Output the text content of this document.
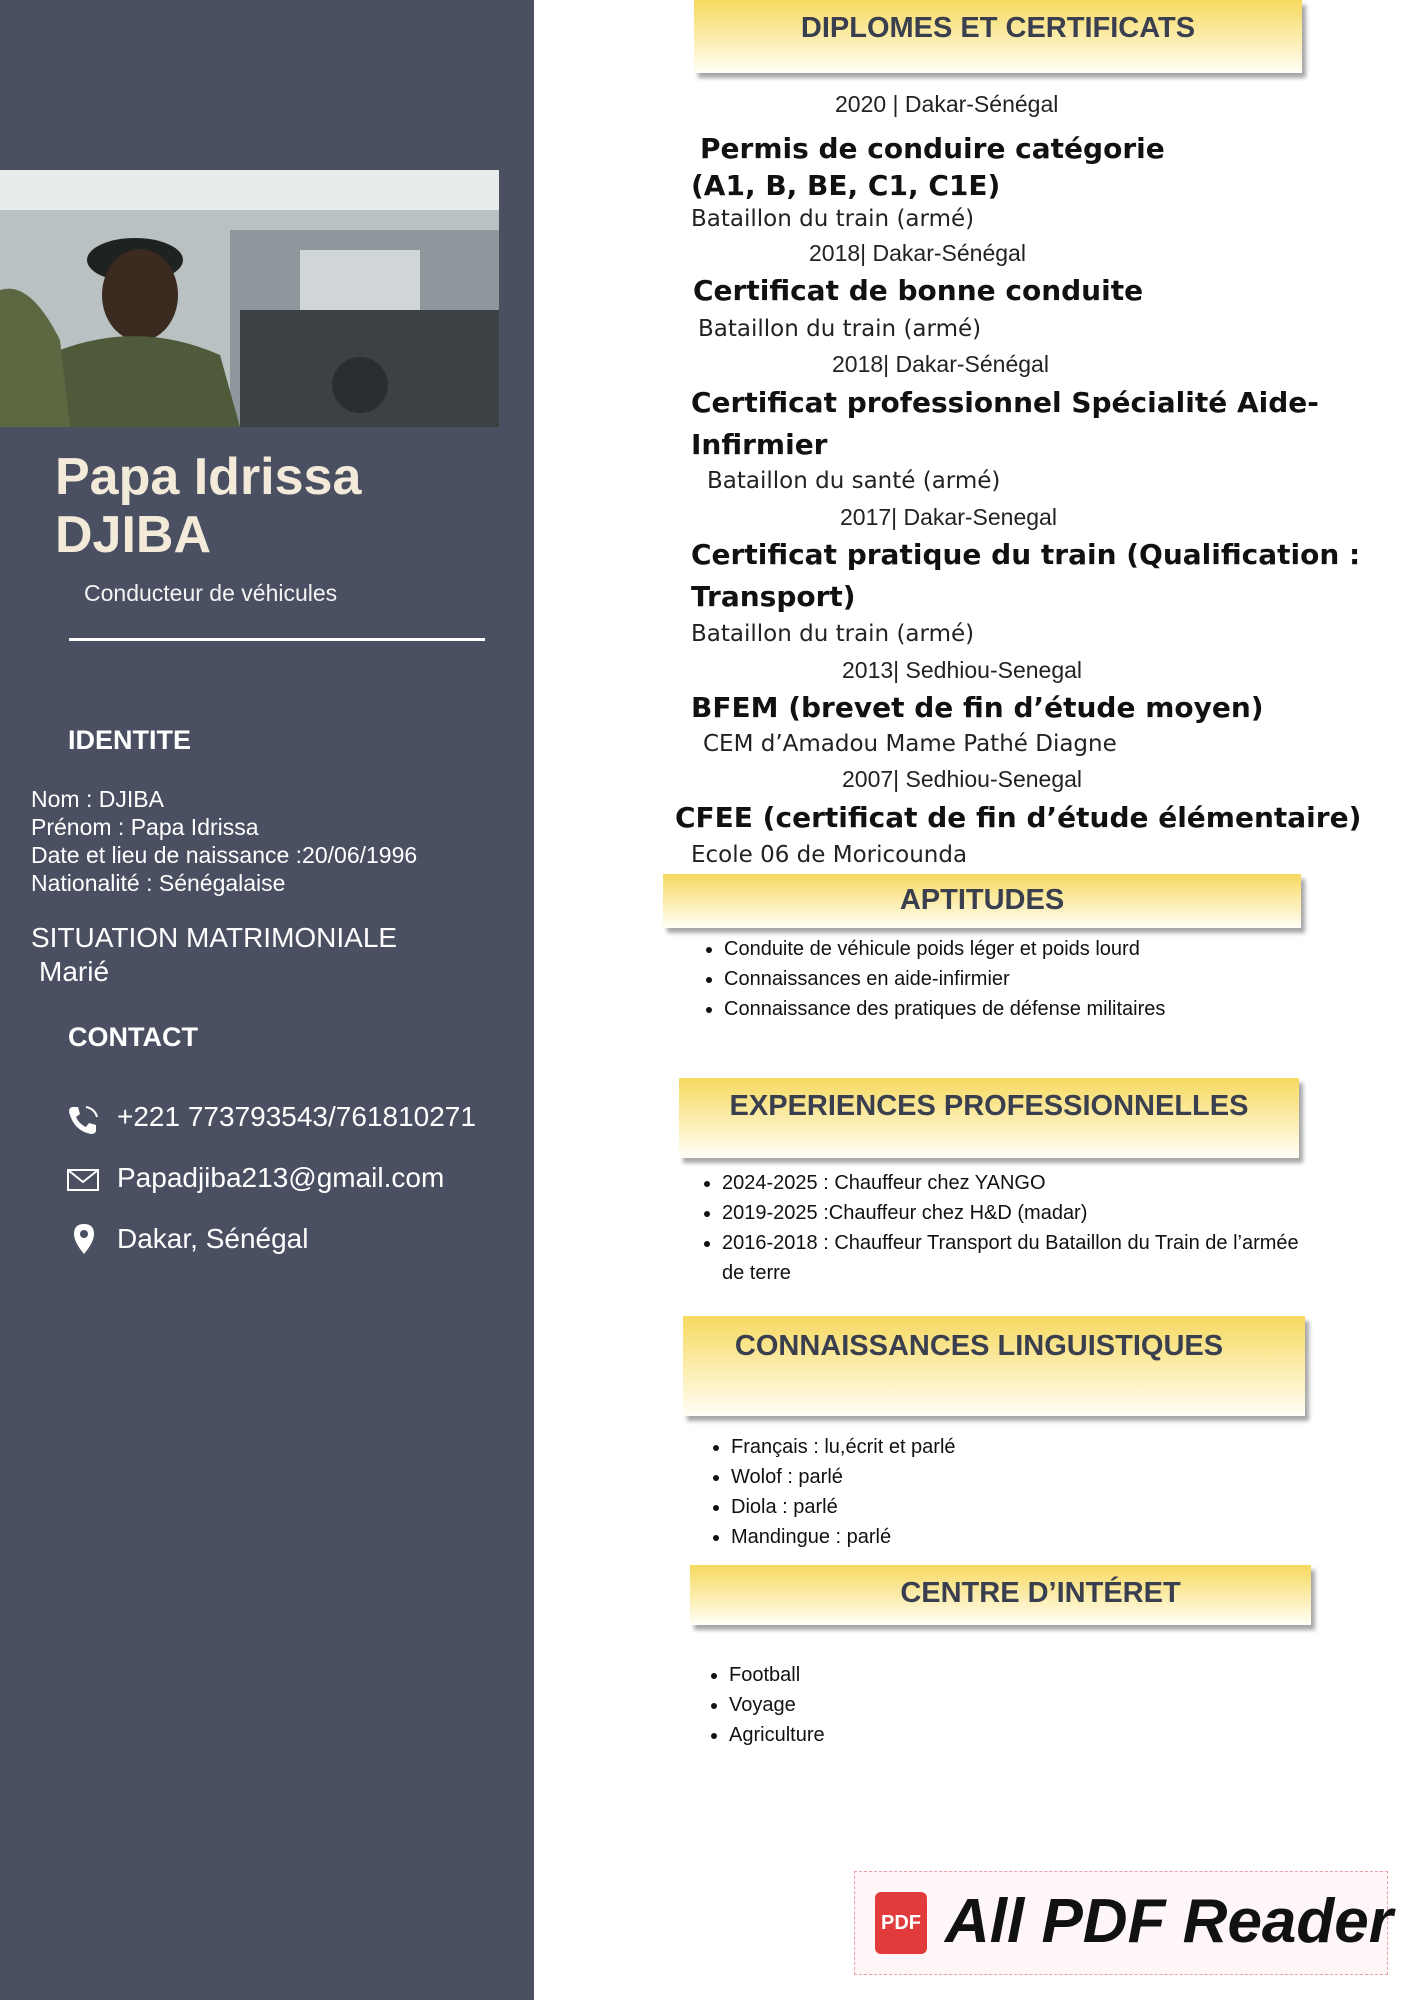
Papa Idrissa
DJIBA
Conducteur de véhicules
IDENTITE
Nom : DJIBA
Prénom : Papa Idrissa
Date et lieu de naissance :20/06/1996
Nationalité : Sénégalaise
SITUATION MATRIMONIALE
Marié
CONTACT
+221 773793543/761810271
Papadjiba213@gmail.com
Dakar, Sénégal
DIPLOMES ET CERTIFICATS
2020 | Dakar-Sénégal
Permis de conduire catégorie
(A1, B, BE, C1, C1E)
Bataillon du train (armé)
2018| Dakar-Sénégal
Certificat de bonne conduite
Bataillon du train (armé)
2018| Dakar-Sénégal
Certificat professionnel Spécialité Aide-
Infirmier
Bataillon du santé (armé)
2017| Dakar-Senegal
Certificat pratique du train (Qualification :
Transport)
Bataillon du train (armé)
2013| Sedhiou-Senegal
BFEM (brevet de fin d’étude moyen)
CEM d’Amadou Mame Pathé Diagne
2007| Sedhiou-Senegal
CFEE (certificat de fin d’étude élémentaire)
Ecole 06 de Moricounda
APTITUDES
• Conduite de véhicule poids léger et poids lourd
• Connaissances en aide-infirmier
• Connaissance des pratiques de défense militaires
EXPERIENCES PROFESSIONNELLES
• 2024-2025 : Chauffeur chez YANGO
• 2019-2025 :Chauffeur chez H&D (madar)
• 2016-2018 : Chauffeur Transport du Bataillon du Train de l’armée de terre
CONNAISSANCES LINGUISTIQUES
• Français : lu,écrit et parlé
• Wolof : parlé
• Diola : parlé
• Mandingue : parlé
CENTRE D’INTÉRET
• Football
• Voyage
• Agriculture
PDF All PDF Reader
